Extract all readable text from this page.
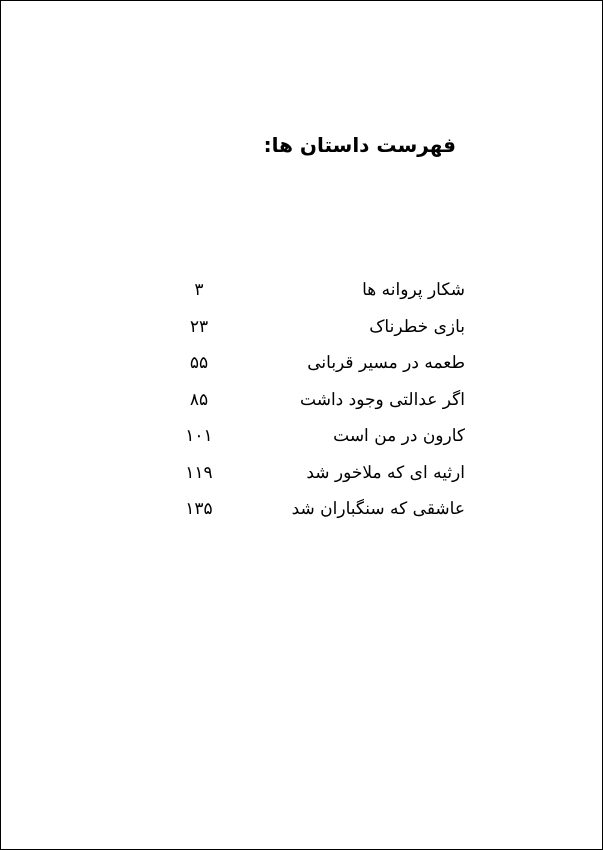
فهرست داستان ها:
شکار پروانه ها
۳
بازی خطرناک
۲۳
طعمه در مسیر قربانی
۵۵
اگر عدالتی وجود داشت
۸۵
کارون در من است
۱۰۱
ارثیه ای که ملاخور شد
۱۱۹
عاشقی که سنگباران شد
۱۳۵
